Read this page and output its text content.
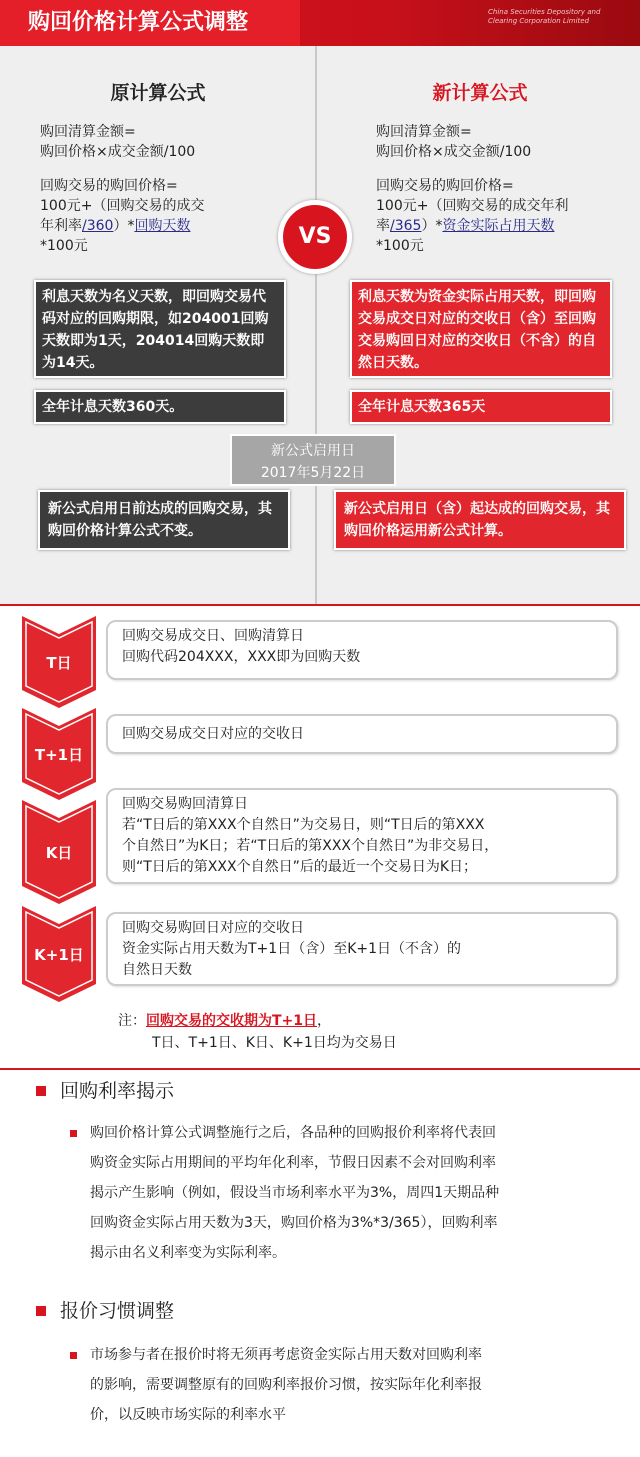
购回价格计算公式调整	China Securities Depository and Clearing Corporation Limited
原计算公式	新计算公式
购回清算金额=
购回价格×成交金额/100
回购交易的购回价格=
100元+（回购交易的成交
年利率/360）*回购天数
*100元
购回清算金额=
购回价格×成交金额/100
回购交易的购回价格=
100元+（回购交易的成交年利
率/365）*资金实际占用天数
*100元
VS
利息天数为名义天数，即回购交易代码对应的回购期限，如204001回购天数即为1天，204014回购天数即为14天。
全年计息天数360天。
利息天数为资金实际占用天数，即回购交易成交日对应的交收日（含）至回购交易购回日对应的交收日（不含）的自然日天数。
全年计息天数365天
新公式启用日
2017年5月22日
新公式启用日前达成的回购交易，其购回价格计算公式不变。
新公式启用日（含）起达成的回购交易，其购回价格运用新公式计算。
T日
回购交易成交日、回购清算日
回购代码204XXX，XXX即为回购天数
T+1日
回购交易成交日对应的交收日
K日
回购交易购回清算日
若“T日后的第XXX个自然日”为交易日，则“T日后的第XXX
个自然日”为K日；若“T日后的第XXX个自然日”为非交易日，
则“T日后的第XXX个自然日”后的最近一个交易日为K日；
K+1日
回购交易购回日对应的交收日
资金实际占用天数为T+1日（含）至K+1日（不含）的
自然日天数
注：回购交易的交收期为T+1日，
T日、T+1日、K日、K+1日均为交易日
回购利率揭示
购回价格计算公式调整施行之后，各品种的回购报价利率将代表回
购资金实际占用期间的平均年化利率，节假日因素不会对回购利率
揭示产生影响（例如，假设当市场利率水平为3%，周四1天期品种
回购资金实际占用天数为3天，购回价格为3%*3/365），回购利率
揭示由名义利率变为实际利率。
报价习惯调整
市场参与者在报价时将无须再考虑资金实际占用天数对回购利率
的影响，需要调整原有的回购利率报价习惯，按实际年化利率报
价，以反映市场实际的利率水平
